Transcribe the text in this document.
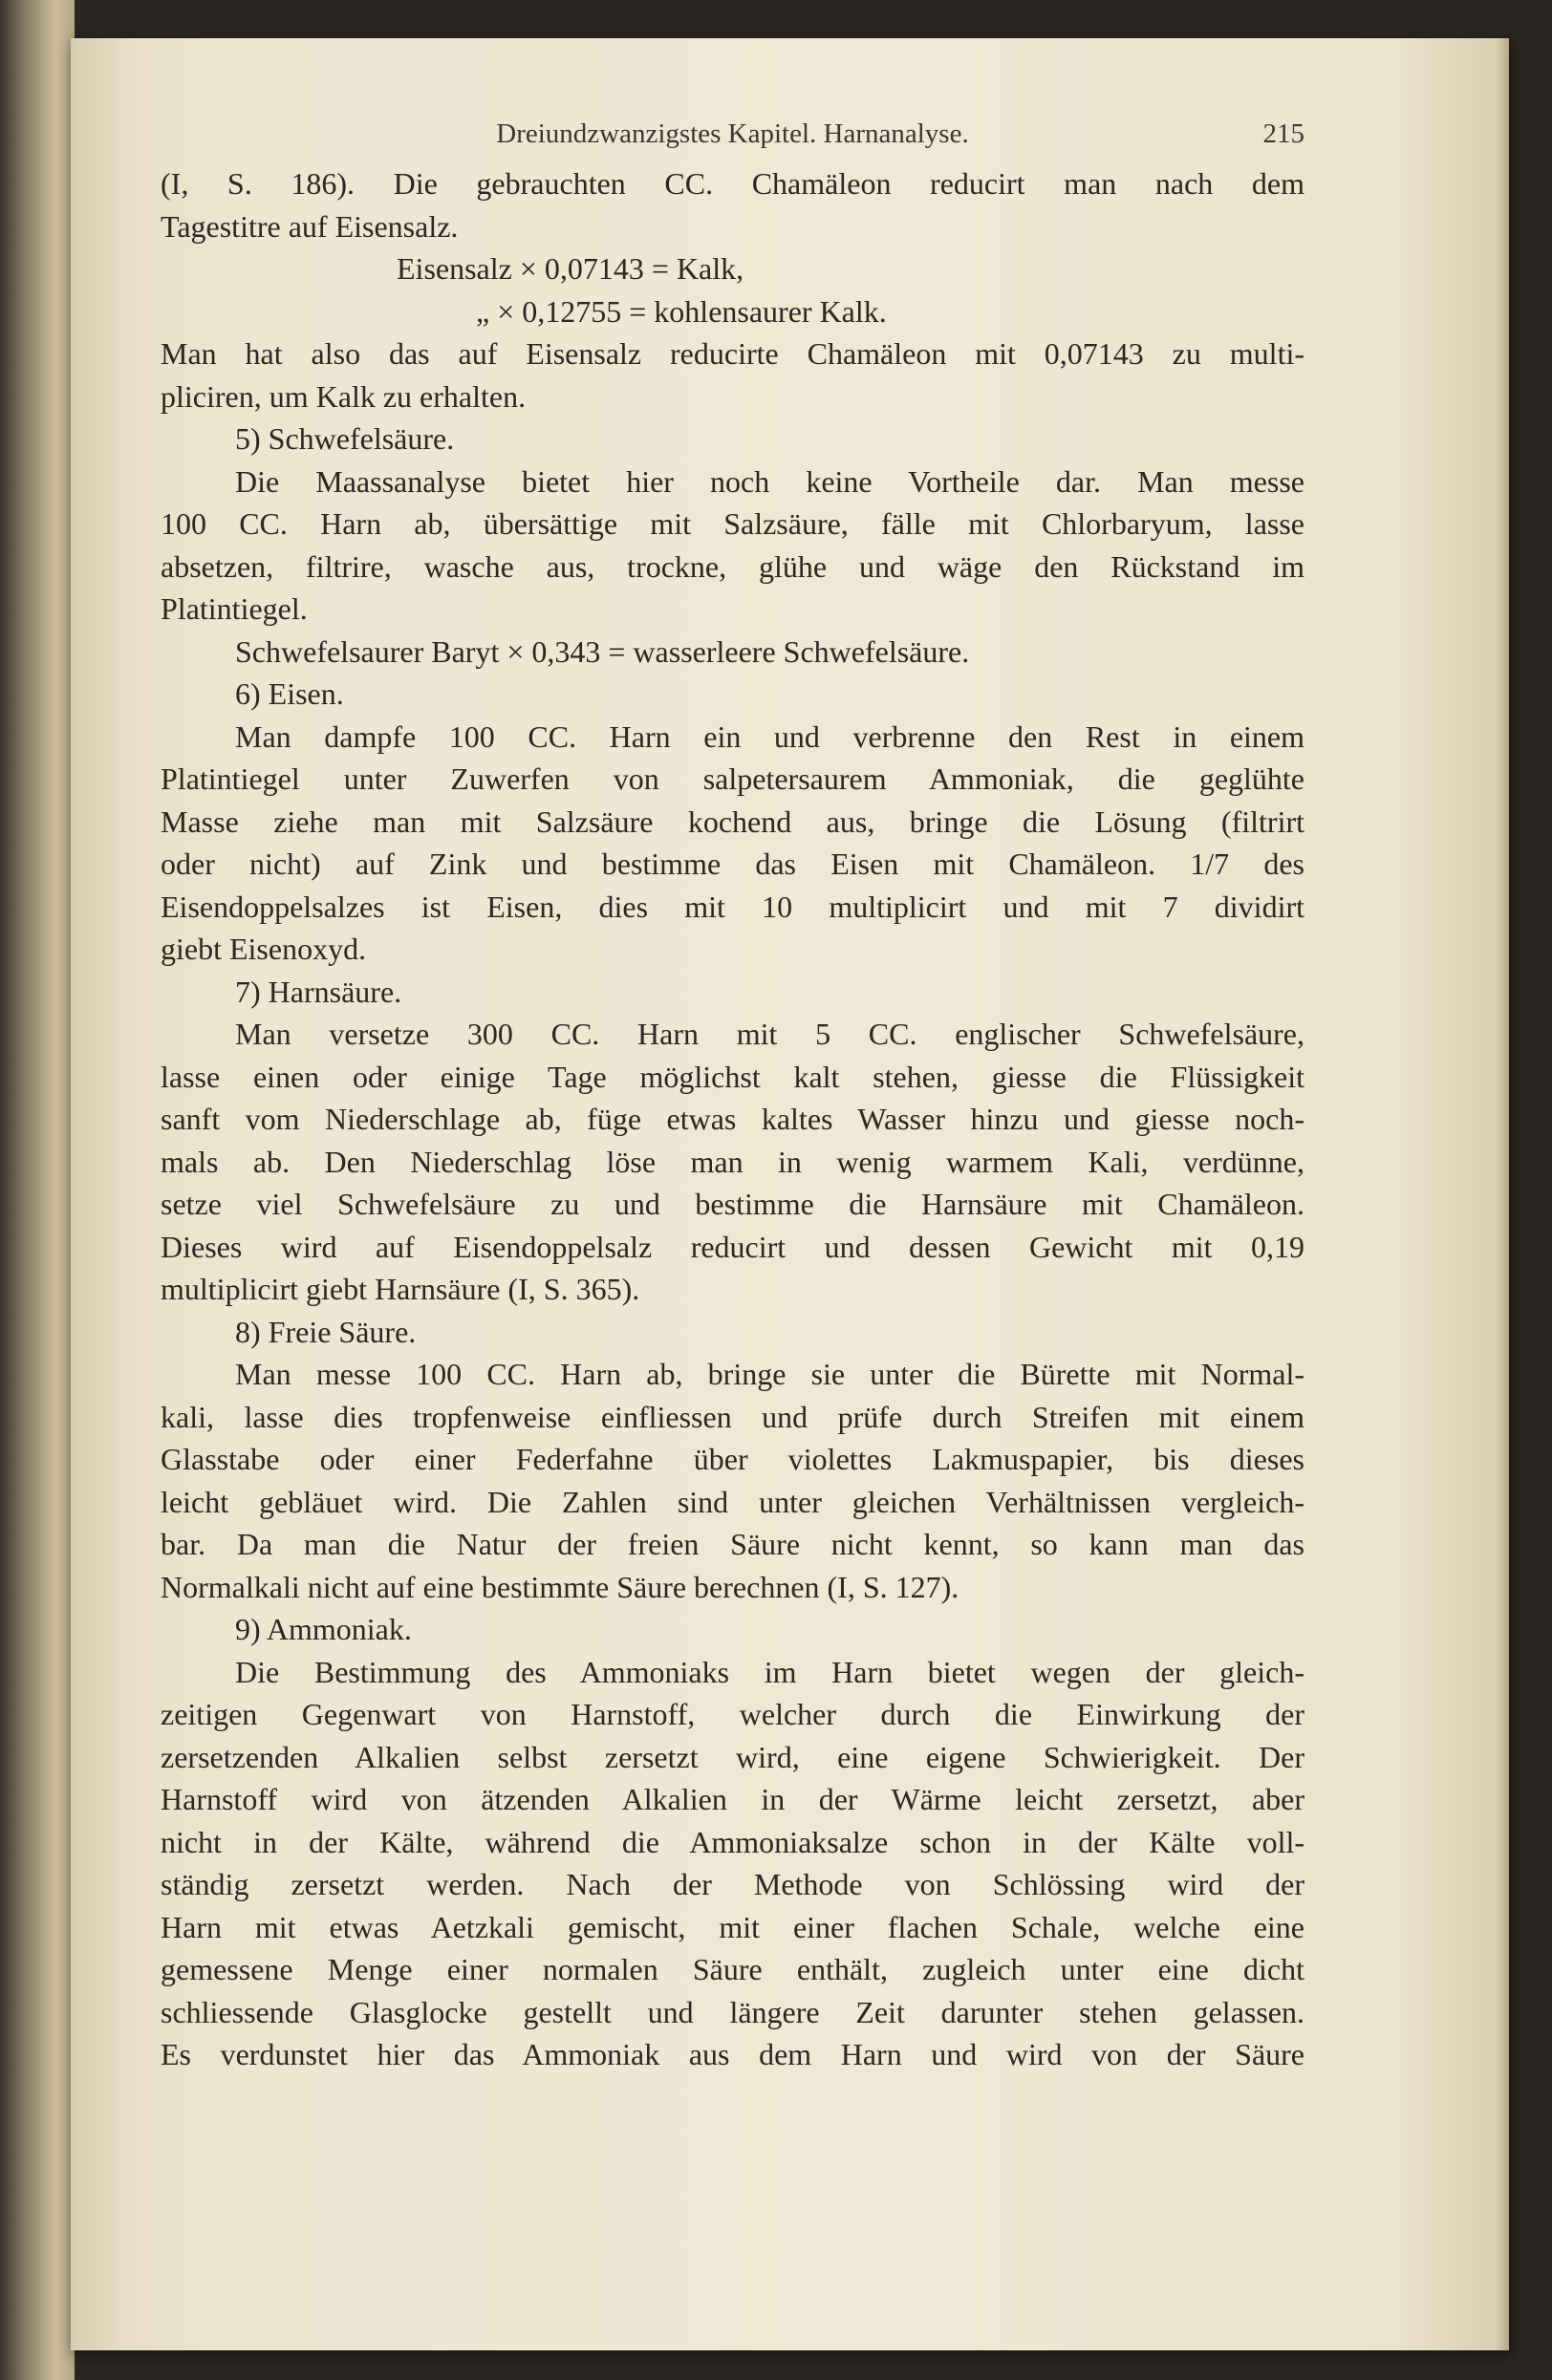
Dreiundzwanzigstes Kapitel. Harnanalyse.	215

(I, S. 186). Die gebrauchten CC. Chamäleon reducirt man nach dem

Tagestitre auf Eisensalz.

Eisensalz × 0,07143 = Kalk,

„ × 0,12755 = kohlensaurer Kalk.

Man hat also das auf Eisensalz reducirte Chamäleon mit 0,07143 zu multi-

pliciren, um Kalk zu erhalten.

5) Schwefelsäure.

Die Maassanalyse bietet hier noch keine Vortheile dar. Man messe

100 CC. Harn ab, übersättige mit Salzsäure, fälle mit Chlorbaryum, lasse

absetzen, filtrire, wasche aus, trockne, glühe und wäge den Rückstand im

Platintiegel.

Schwefelsaurer Baryt × 0,343 = wasserleere Schwefelsäure.

6) Eisen.

Man dampfe 100 CC. Harn ein und verbrenne den Rest in einem

Platintiegel unter Zuwerfen von salpetersaurem Ammoniak, die geglühte

Masse ziehe man mit Salzsäure kochend aus, bringe die Lösung (filtrirt

oder nicht) auf Zink und bestimme das Eisen mit Chamäleon. 1/7 des

Eisendoppelsalzes ist Eisen, dies mit 10 multiplicirt und mit 7 dividirt

giebt Eisenoxyd.

7) Harnsäure.

Man versetze 300 CC. Harn mit 5 CC. englischer Schwefelsäure,

lasse einen oder einige Tage möglichst kalt stehen, giesse die Flüssigkeit

sanft vom Niederschlage ab, füge etwas kaltes Wasser hinzu und giesse noch-

mals ab. Den Niederschlag löse man in wenig warmem Kali, verdünne,

setze viel Schwefelsäure zu und bestimme die Harnsäure mit Chamäleon.

Dieses wird auf Eisendoppelsalz reducirt und dessen Gewicht mit 0,19

multiplicirt giebt Harnsäure (I, S. 365).

8) Freie Säure.

Man messe 100 CC. Harn ab, bringe sie unter die Bürette mit Normal-

kali, lasse dies tropfenweise einfliessen und prüfe durch Streifen mit einem

Glasstabe oder einer Federfahne über violettes Lakmuspapier, bis dieses

leicht gebläuet wird. Die Zahlen sind unter gleichen Verhältnissen vergleich-

bar. Da man die Natur der freien Säure nicht kennt, so kann man das

Normalkali nicht auf eine bestimmte Säure berechnen (I, S. 127).

9) Ammoniak.

Die Bestimmung des Ammoniaks im Harn bietet wegen der gleich-

zeitigen Gegenwart von Harnstoff, welcher durch die Einwirkung der

zersetzenden Alkalien selbst zersetzt wird, eine eigene Schwierigkeit. Der

Harnstoff wird von ätzenden Alkalien in der Wärme leicht zersetzt, aber

nicht in der Kälte, während die Ammoniaksalze schon in der Kälte voll-

ständig zersetzt werden. Nach der Methode von Schlössing wird der

Harn mit etwas Aetzkali gemischt, mit einer flachen Schale, welche eine

gemessene Menge einer normalen Säure enthält, zugleich unter eine dicht

schliessende Glasglocke gestellt und längere Zeit darunter stehen gelassen.

Es verdunstet hier das Ammoniak aus dem Harn und wird von der Säure
